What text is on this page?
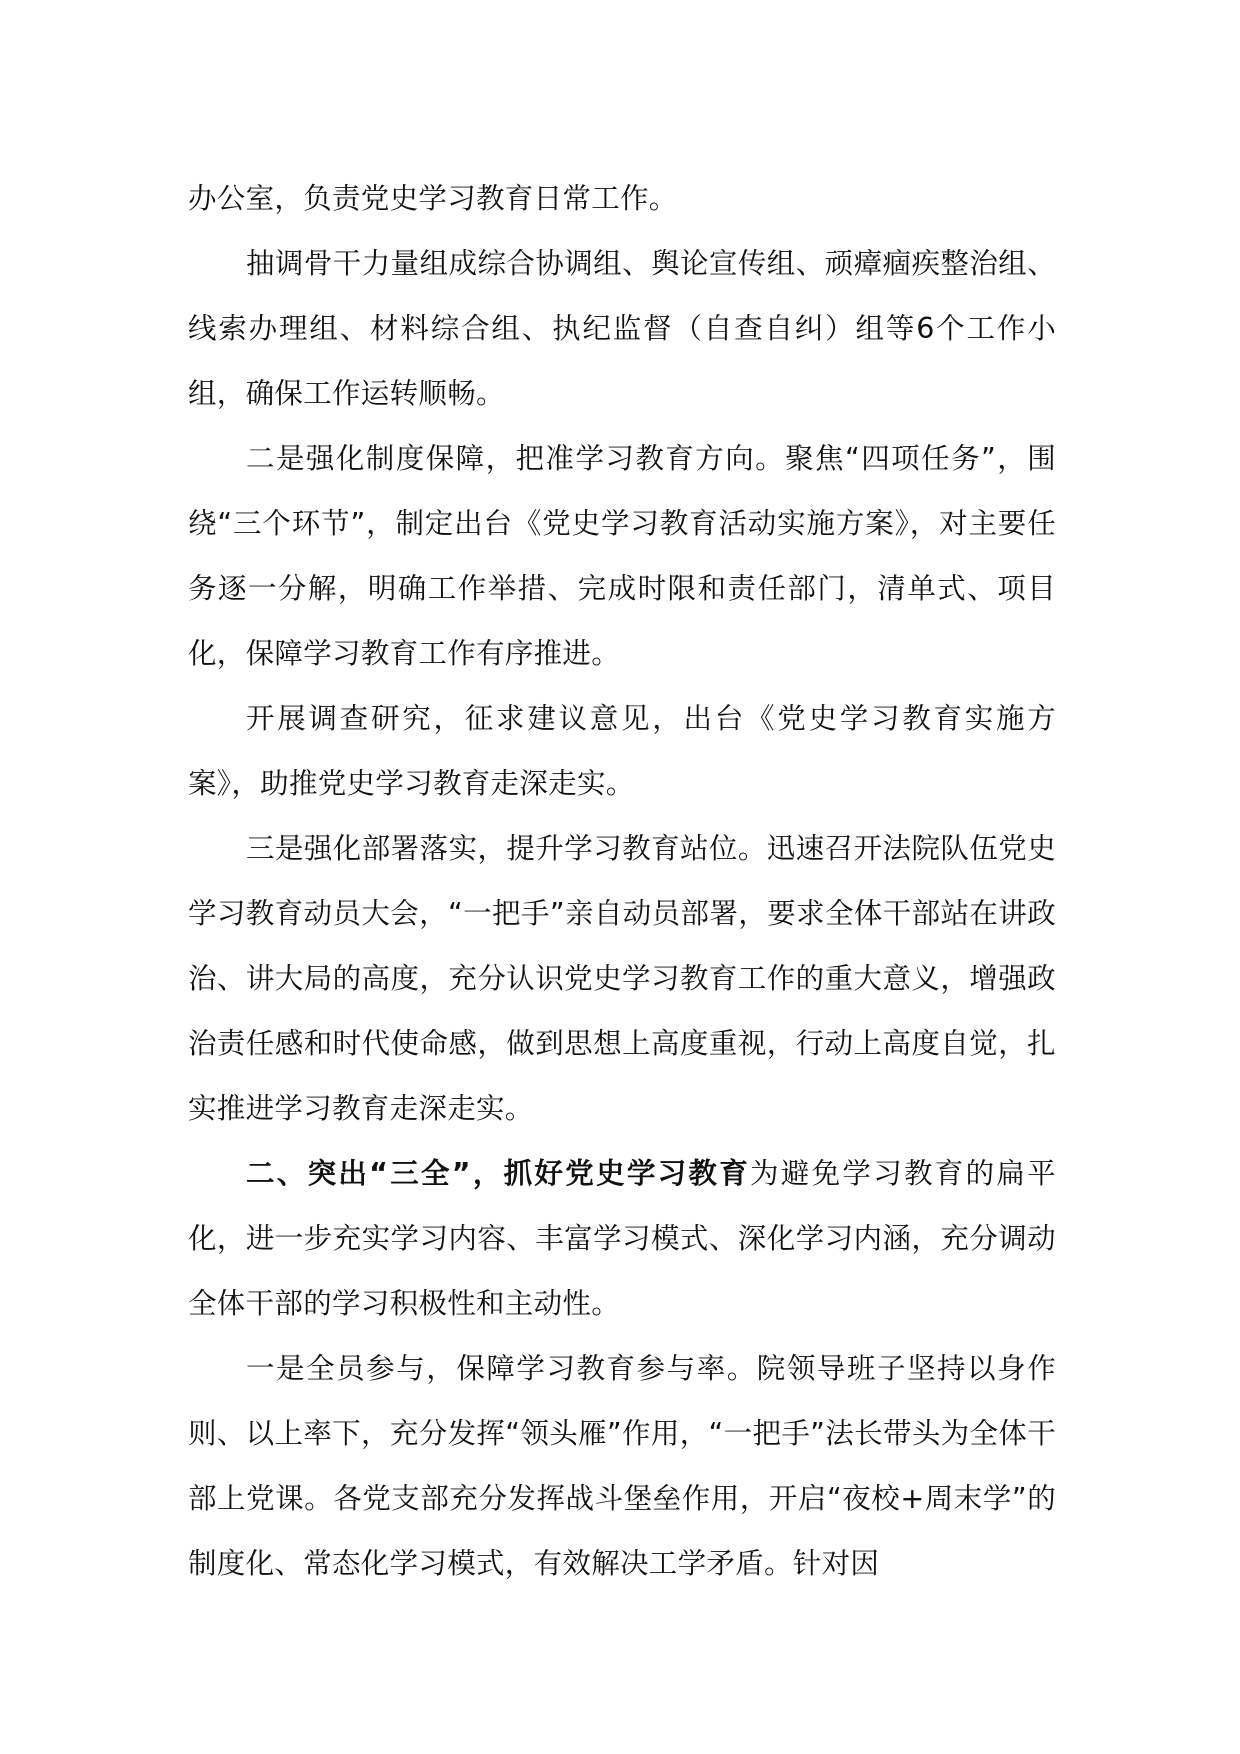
办公室，负责党史学习教育日常工作。

抽调骨干力量组成综合协调组、舆论宣传组、顽瘴痼疾整治组、线索办理组、材料综合组、执纪监督（自查自纠）组等6个工作小组，确保工作运转顺畅。

二是强化制度保障，把准学习教育方向。聚焦“四项任务”，围绕“三个环节”，制定出台《党史学习教育活动实施方案》，对主要任务逐一分解，明确工作举措、完成时限和责任部门，清单式、项目化，保障学习教育工作有序推进。

开展调查研究，征求建议意见，出台《党史学习教育实施方案》，助推党史学习教育走深走实。

三是强化部署落实，提升学习教育站位。迅速召开法院队伍党史学习教育动员大会，“一把手”亲自动员部署，要求全体干部站在讲政治、讲大局的高度，充分认识党史学习教育工作的重大意义，增强政治责任感和时代使命感，做到思想上高度重视，行动上高度自觉，扎实推进学习教育走深走实。

二、突出“三全”，抓好党史学习教育为避免学习教育的扁平化，进一步充实学习内容、丰富学习模式、深化学习内涵，充分调动全体干部的学习积极性和主动性。

一是全员参与，保障学习教育参与率。院领导班子坚持以身作则、以上率下，充分发挥“领头雁”作用，“一把手”法长带头为全体干部上党课。各党支部充分发挥战斗堡垒作用，开启“夜校+周末学”的制度化、常态化学习模式，有效解决工学矛盾。针对因
